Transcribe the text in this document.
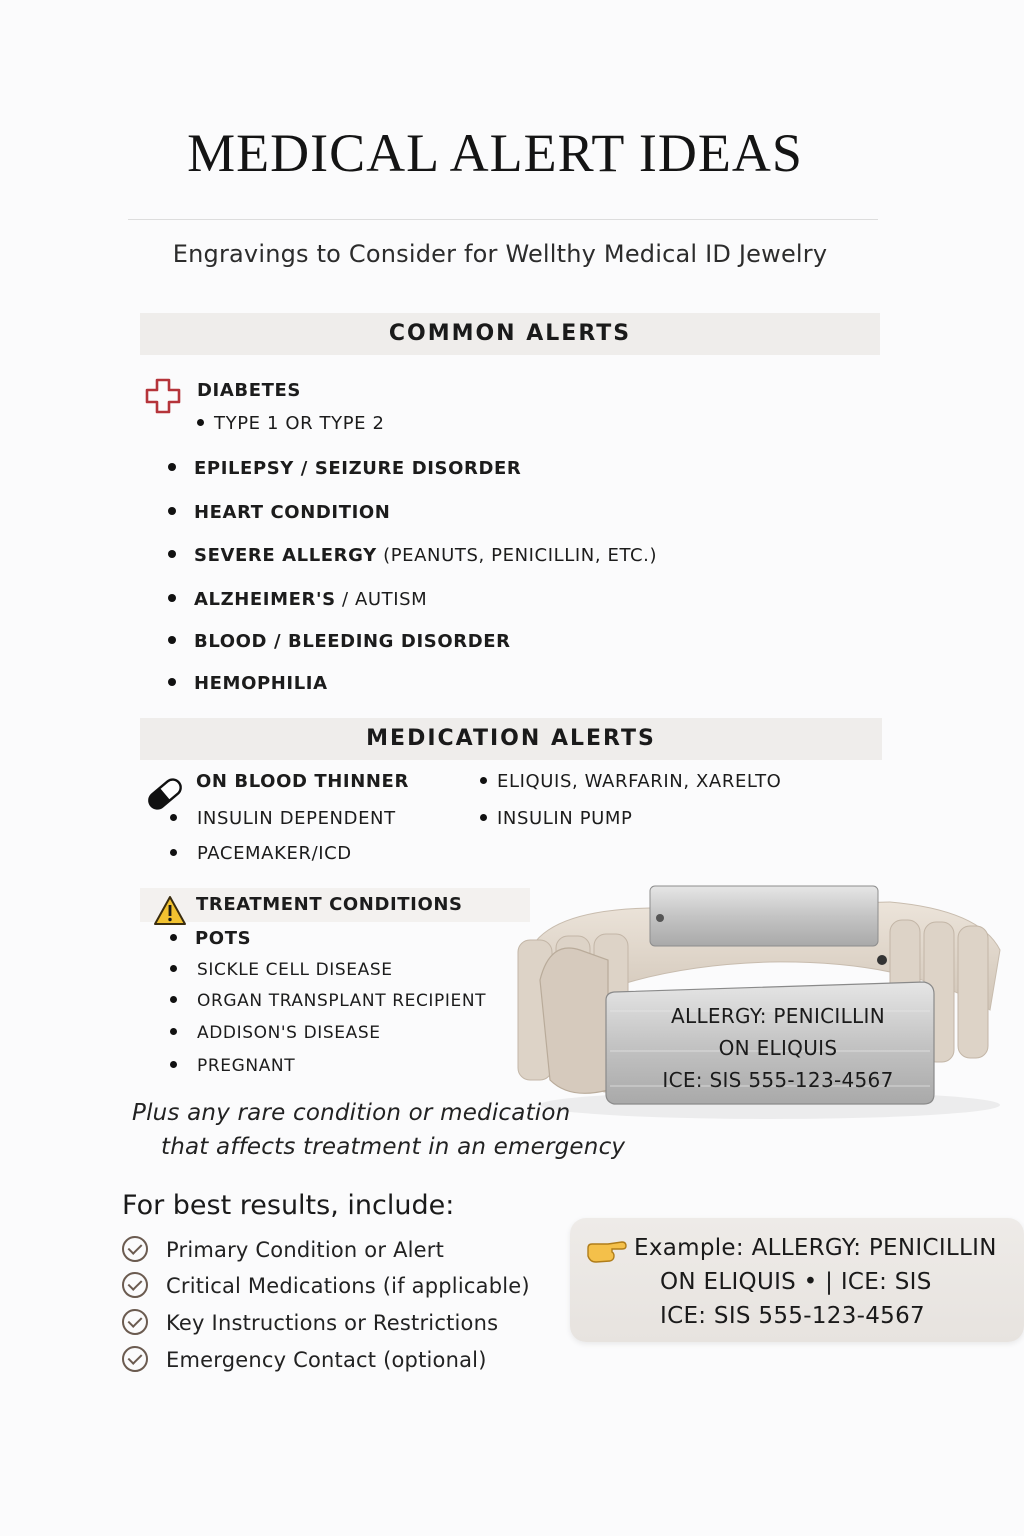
MEDICAL ALERT IDEAS
Engravings to Consider for Wellthy Medical ID Jewelry
COMMON ALERTS
DIABETES
TYPE 1 OR TYPE 2
EPILEPSY / SEIZURE DISORDER
HEART CONDITION
SEVERE ALLERGY (PEANUTS, PENICILLIN, ETC.)
ALZHEIMER'S / AUTISM
BLOOD / BLEEDING DISORDER
HEMOPHILIA
MEDICATION ALERTS
ON BLOOD THINNER	ELIQUIS, WARFARIN, XARELTO
INSULIN DEPENDENT	INSULIN PUMP
PACEMAKER/ICD
TREATMENT CONDITIONS
POTS
SICKLE CELL DISEASE
ORGAN TRANSPLANT RECIPIENT
ADDISON'S DISEASE
PREGNANT
ALLERGY: PENICILLIN
ON ELIQUIS
ICE: SIS 555-123-4567
Plus any rare condition or medication
that affects treatment in an emergency
For best results, include:
Primary Condition or Alert
Critical Medications (if applicable)
Key Instructions or Restrictions
Emergency Contact (optional)
Example: ALLERGY: PENICILLIN
ON ELIQUIS • | ICE: SIS
ICE: SIS 555-123-4567
